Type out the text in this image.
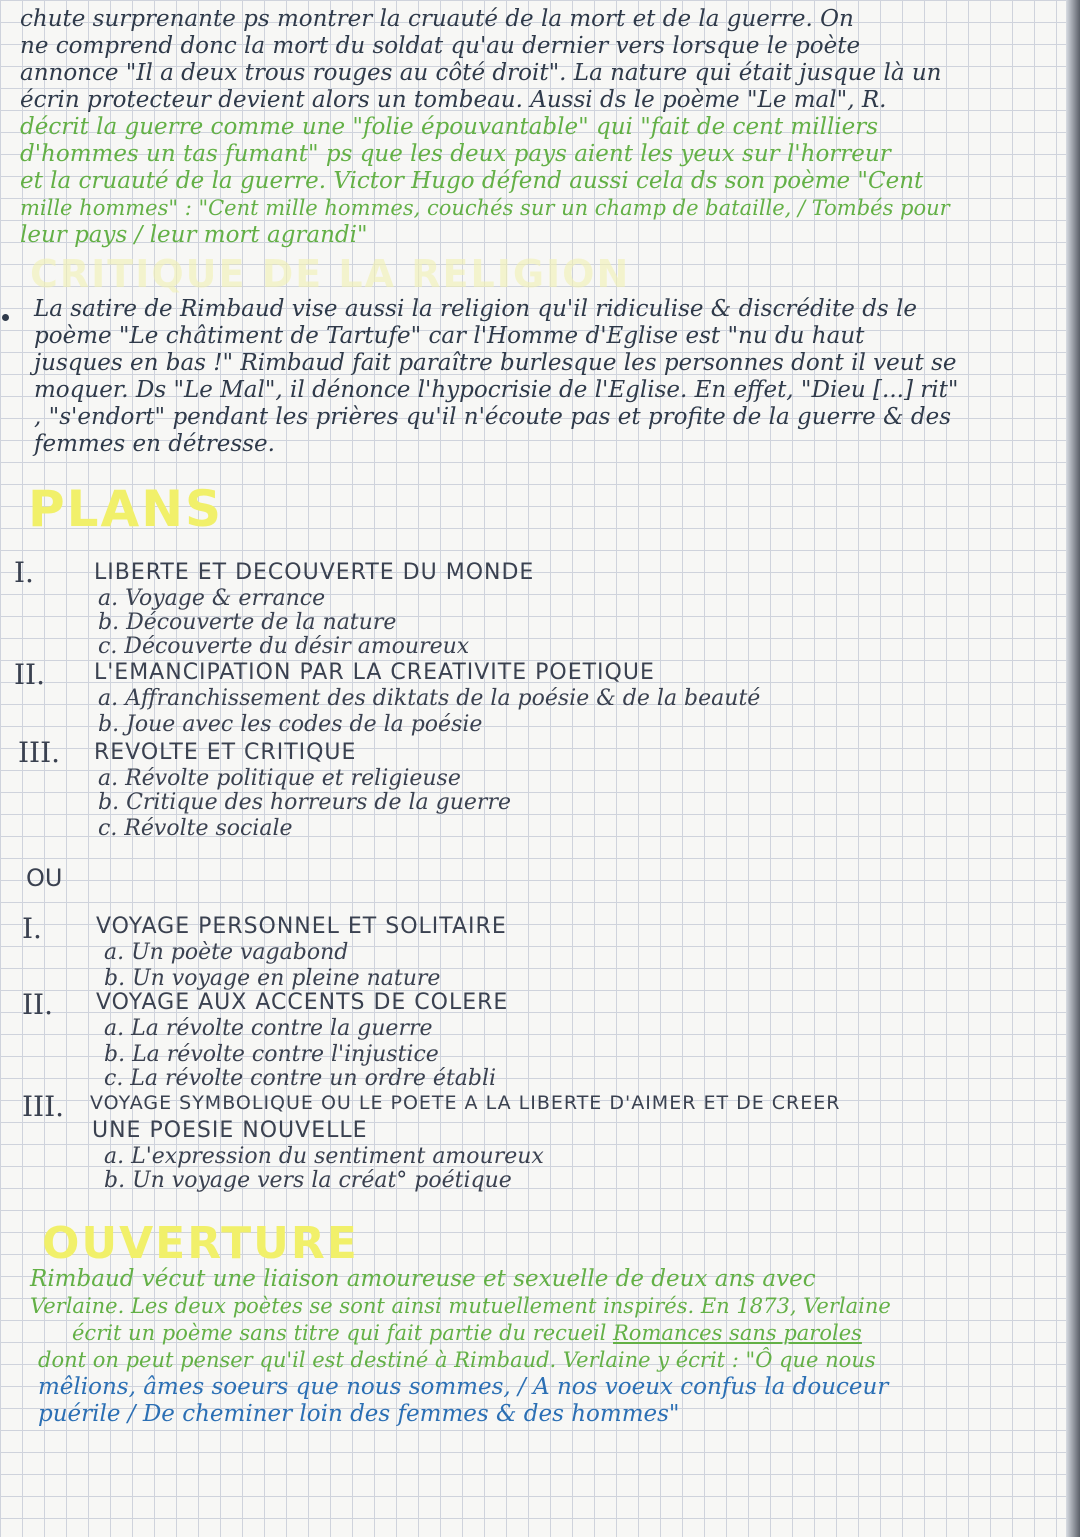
chute surprenante ps montrer la cruauté de la mort et de la guerre. On
ne comprend donc la mort du soldat qu'au dernier vers lorsque le poète
annonce "Il a deux trous rouges au côté droit". La nature qui était jusque là un
écrin protecteur devient alors un tombeau. Aussi ds le poème "Le mal", R.
décrit la guerre comme une "folie épouvantable" qui "fait de cent milliers
d'hommes un tas fumant" ps que les deux pays aient les yeux sur l'horreur
et la cruauté de la guerre. Victor Hugo défend aussi cela ds son poème "Cent
mille hommes" : "Cent mille hommes, couchés sur un champ de bataille, / Tombés pour
leur pays / leur mort agrandi"
CRITIQUE DE LA RELIGION
La satire de Rimbaud vise aussi la religion qu'il ridiculise & discrédite ds le
poème "Le châtiment de Tartufe" car l'Homme d'Eglise est "nu du haut
jusques en bas !" Rimbaud fait paraître burlesque les personnes dont il veut se
moquer. Ds "Le Mal", il dénonce l'hypocrisie de l'Eglise. En effet, "Dieu [...] rit"
, "s'endort" pendant les prières qu'il n'écoute pas et profite de la guerre & des
femmes en détresse.
PLANS
I.	LIBERTE ET DECOUVERTE DU MONDE
a. Voyage & errance
b. Découverte de la nature
c. Découverte du désir amoureux
II. L'EMANCIPATION PAR LA CREATIVITE POETIQUE
a. Affranchissement des diktats de la poésie & de la beauté
b. Joue avec les codes de la poésie
III. REVOLTE ET CRITIQUE
a. Révolte politique et religieuse
b. Critique des horreurs de la guerre
c. Révolte sociale
OU
I. VOYAGE PERSONNEL ET SOLITAIRE
a. Un poète vagabond
b. Un voyage en pleine nature
II. VOYAGE AUX ACCENTS DE COLERE
a. La révolte contre la guerre
b. La révolte contre l'injustice
c. La révolte contre un ordre établi
III. VOYAGE SYMBOLIQUE OU LE POETE A LA LIBERTE D'AIMER ET DE CREER
UNE POESIE NOUVELLE
a. L'expression du sentiment amoureux
b. Un voyage vers la créat° poétique
OUVERTURE
Rimbaud vécut une liaison amoureuse et sexuelle de deux ans avec
Verlaine. Les deux poètes se sont ainsi mutuellement inspirés. En 1873, Verlaine
écrit un poème sans titre qui fait partie du recueil Romances sans paroles
dont on peut penser qu'il est destiné à Rimbaud. Verlaine y écrit : "Ô que nous
mêlions, âmes soeurs que nous sommes, / A nos voeux confus la douceur
puérile / De cheminer loin des femmes & des hommes"
